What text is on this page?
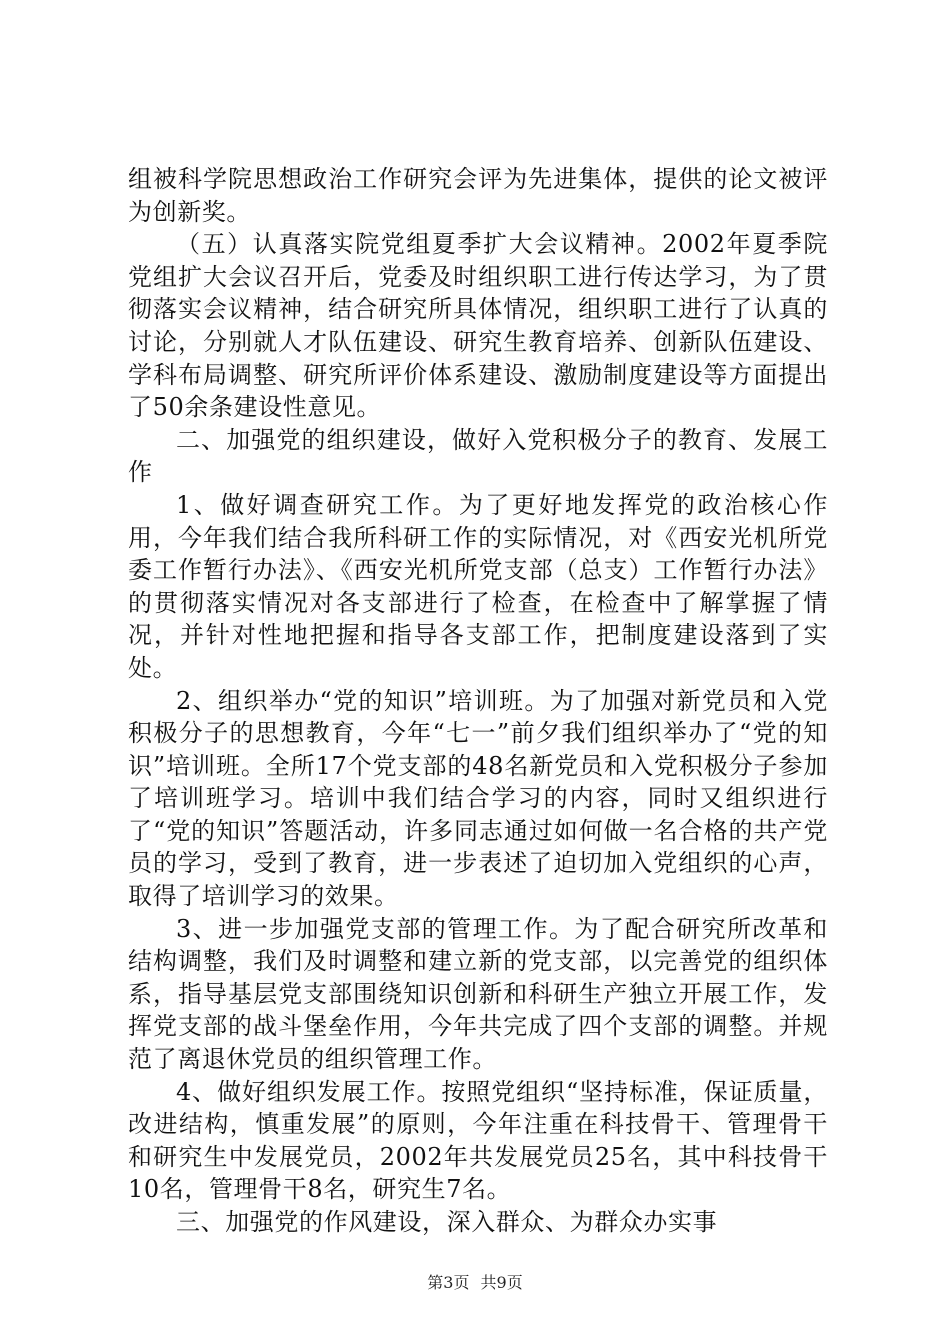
组被科学院思想政治工作研究会评为先进集体，提供的论文被评为创新奖。

（五）认真落实院党组夏季扩大会议精神。2002年夏季院党组扩大会议召开后，党委及时组织职工进行传达学习，为了贯彻落实会议精神，结合研究所具体情况，组织职工进行了认真的讨论，分别就人才队伍建设、研究生教育培养、创新队伍建设、学科布局调整、研究所评价体系建设、激励制度建设等方面提出了50余条建设性意见。

二、加强党的组织建设，做好入党积极分子的教育、发展工作

1、做好调查研究工作。为了更好地发挥党的政治核心作用，今年我们结合我所科研工作的实际情况，对《西安光机所党委工作暂行办法》、《西安光机所党支部（总支）工作暂行办法》的贯彻落实情况对各支部进行了检查，在检查中了解掌握了情况，并针对性地把握和指导各支部工作，把制度建设落到了实处。

2、组织举办“党的知识”培训班。为了加强对新党员和入党积极分子的思想教育，今年“七一”前夕我们组织举办了“党的知识”培训班。全所17个党支部的48名新党员和入党积极分子参加了培训班学习。培训中我们结合学习的内容，同时又组织进行了“党的知识”答题活动，许多同志通过如何做一名合格的共产党员的学习，受到了教育，进一步表述了迫切加入党组织的心声，取得了培训学习的效果。

3、进一步加强党支部的管理工作。为了配合研究所改革和结构调整，我们及时调整和建立新的党支部，以完善党的组织体系，指导基层党支部围绕知识创新和科研生产独立开展工作，发挥党支部的战斗堡垒作用，今年共完成了四个支部的调整。并规范了离退休党员的组织管理工作。

4、做好组织发展工作。按照党组织“坚持标准，保证质量，改进结构，慎重发展”的原则，今年注重在科技骨干、管理骨干和研究生中发展党员，2002年共发展党员25名，其中科技骨干10名，管理骨干8名，研究生7名。

三、加强党的作风建设，深入群众、为群众办实事

第3页 共9页
